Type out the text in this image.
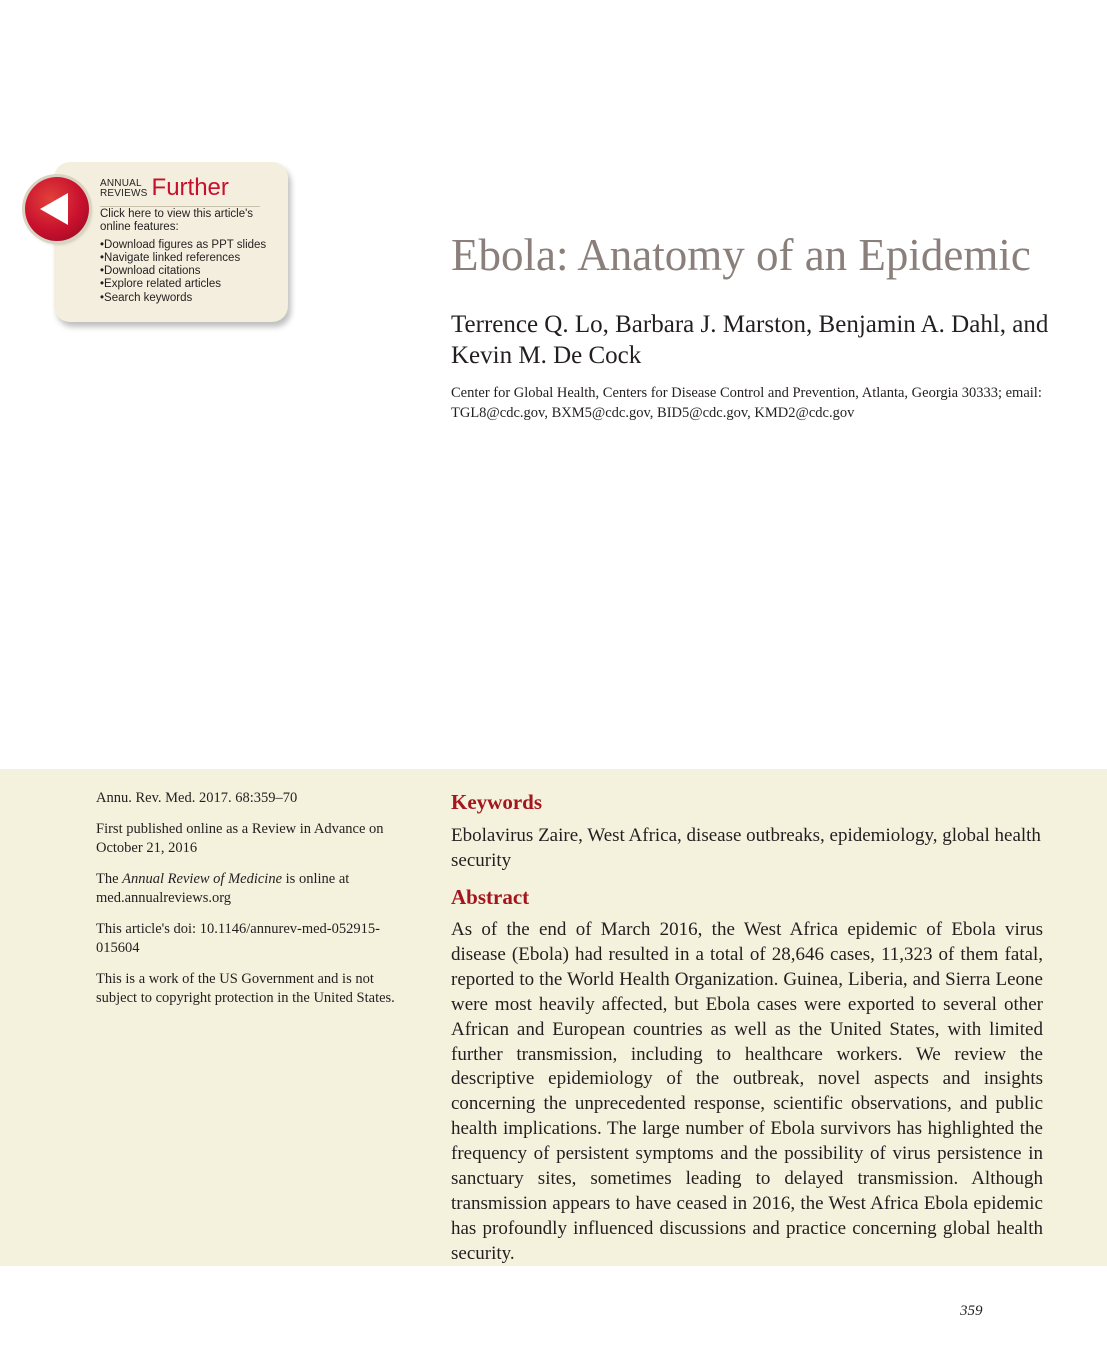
ANNUAL
REVIEWS Further
Click here to view this article's online features:
• Download figures as PPT slides
• Navigate linked references
• Download citations
• Explore related articles
• Search keywords
Ebola: Anatomy of an Epidemic

Terrence Q. Lo, Barbara J. Marston, Benjamin A. Dahl, and Kevin M. De Cock

Center for Global Health, Centers for Disease Control and Prevention, Atlanta, Georgia 30333; email: TGL8@cdc.gov, BXM5@cdc.gov, BID5@cdc.gov, KMD2@cdc.gov

Annu. Rev. Med. 2017. 68:359–70

First published online as a Review in Advance on October 21, 2016

The Annual Review of Medicine is online at med.annualreviews.org

This article's doi: 10.1146/annurev-med-052915-015604

This is a work of the US Government and is not subject to copyright protection in the United States.

Keywords

Ebolavirus Zaire, West Africa, disease outbreaks, epidemiology, global health security

Abstract

As of the end of March 2016, the West Africa epidemic of Ebola virus disease (Ebola) had resulted in a total of 28,646 cases, 11,323 of them fatal, reported to the World Health Organization. Guinea, Liberia, and Sierra Leone were most heavily affected, but Ebola cases were exported to several other African and European countries as well as the United States, with limited further transmission, including to healthcare workers. We review the descriptive epidemiology of the outbreak, novel aspects and insights concerning the unprecedented response, scientific observations, and public health implications. The large number of Ebola survivors has highlighted the frequency of persistent symptoms and the possibility of virus persistence in sanctuary sites, sometimes leading to delayed transmission. Although transmission appears to have ceased in 2016, the West Africa Ebola epidemic has profoundly influenced discussions and practice concerning global health security.

359
